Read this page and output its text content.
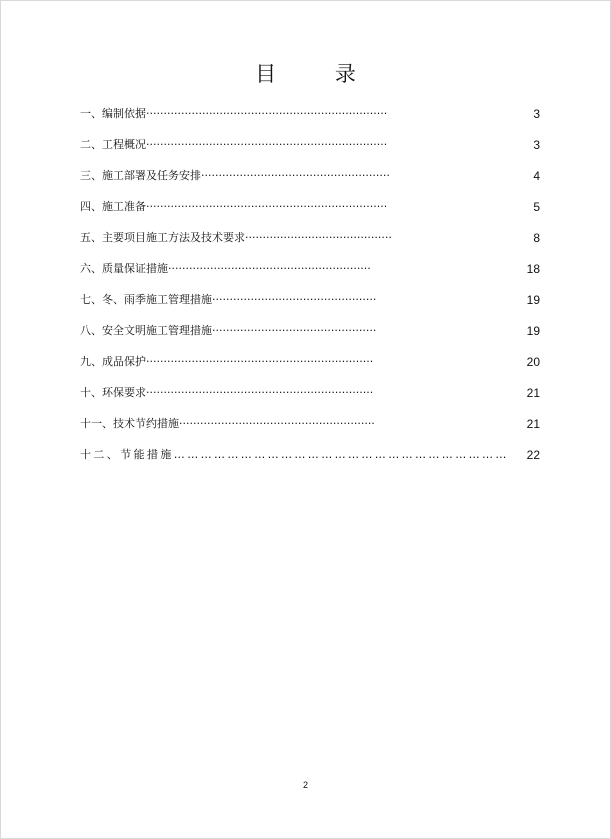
目 录
一、编制依据·····································································	3
二、工程概况·····································································	3
三、施工部署及任务安排······················································	4
四、施工准备·····································································	5
五、主要项目施工方法及技术要求··········································	8
六、质量保证措施··························································	18
七、冬、雨季施工管理措施···············································	19
八、安全文明施工管理措施···············································	19
九、成品保护·································································	20
十、环保要求·································································	21
十一、技术节约措施························································	21
十二、节能措施………………………………………………………………… 22
2
